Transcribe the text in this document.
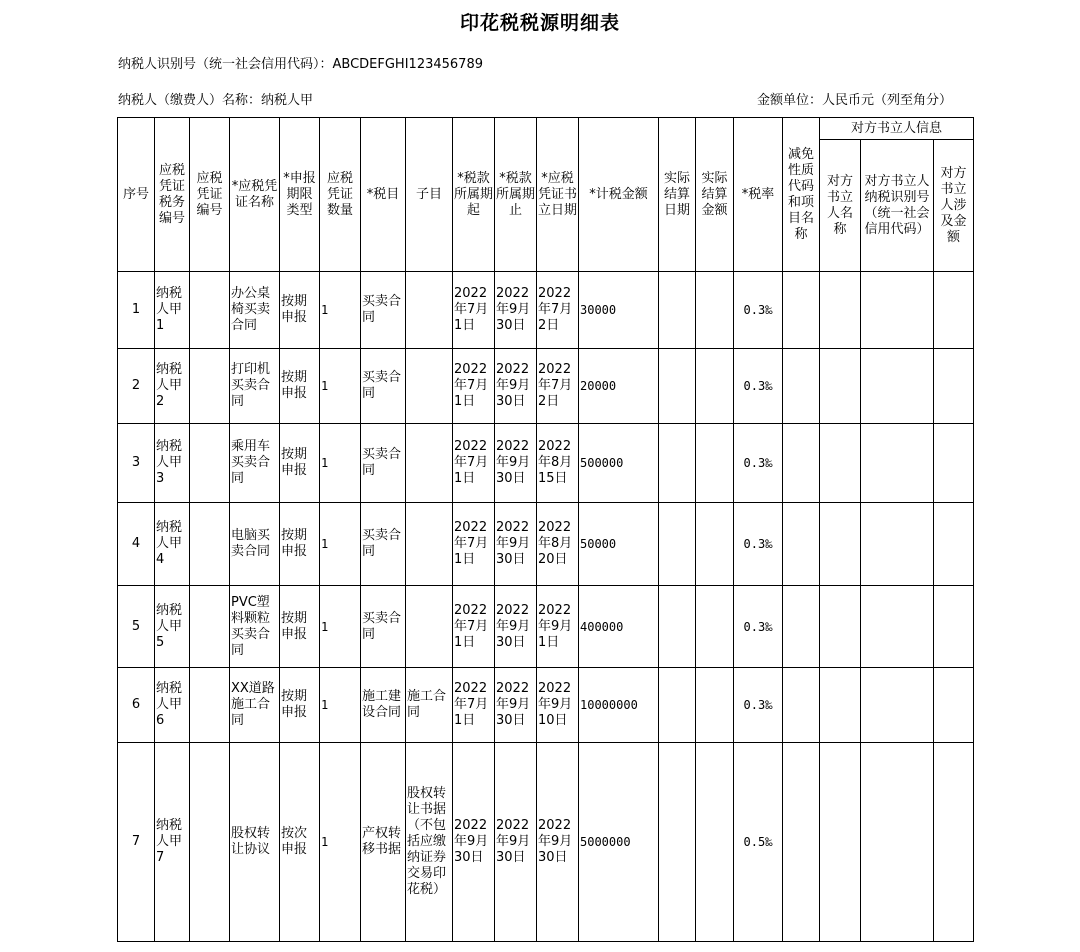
印花税税源明细表
纳税人识别号（统一社会信用代码）：ABCDEFGHI123456789
纳税人（缴费人）名称：纳税人甲	金额单位：人民币元（列至角分）
序号	应税凭证税务编号	应税凭证编号	*应税凭证名称	*申报期限类型	应税凭证数量	*税目	子目	*税款所属期起	*税款所属期止	*应税凭证书立日期	*计税金额	实际结算日期	实际结算金额	*税率	减免性质代码和项目名称	对方书立人信息		
																对方书立人名称	对方书立人纳税识别号（统一社会信用代码）	对方书立人涉及金额
1	纳税人甲1		办公桌椅买卖合同	按期申报	1	买卖合同		2022年7月1日	2022年9月30日	2022年7月2日	30000			0.3‰				
2	纳税人甲2		打印机买卖合同	按期申报	1	买卖合同		2022年7月1日	2022年9月30日	2022年7月2日	20000			0.3‰				
3	纳税人甲3		乘用车买卖合同	按期申报	1	买卖合同		2022年7月1日	2022年9月30日	2022年8月15日	500000			0.3‰				
4	纳税人甲4		电脑买卖合同	按期申报	1	买卖合同		2022年7月1日	2022年9月30日	2022年8月20日	50000			0.3‰				
5	纳税人甲5		PVC塑料颗粒买卖合同	按期申报	1	买卖合同		2022年7月1日	2022年9月30日	2022年9月1日	400000			0.3‰				
6	纳税人甲6		XX道路施工合同	按期申报	1	施工建设合同	施工合同	2022年7月1日	2022年9月30日	2022年9月10日	10000000			0.3‰				
7	纳税人甲7		股权转让协议	按次申报	1	产权转移书据	股权转让书据（不包括应缴纳证券交易印花税）	2022年9月30日	2022年9月30日	2022年9月30日	5000000			0.5‰				
